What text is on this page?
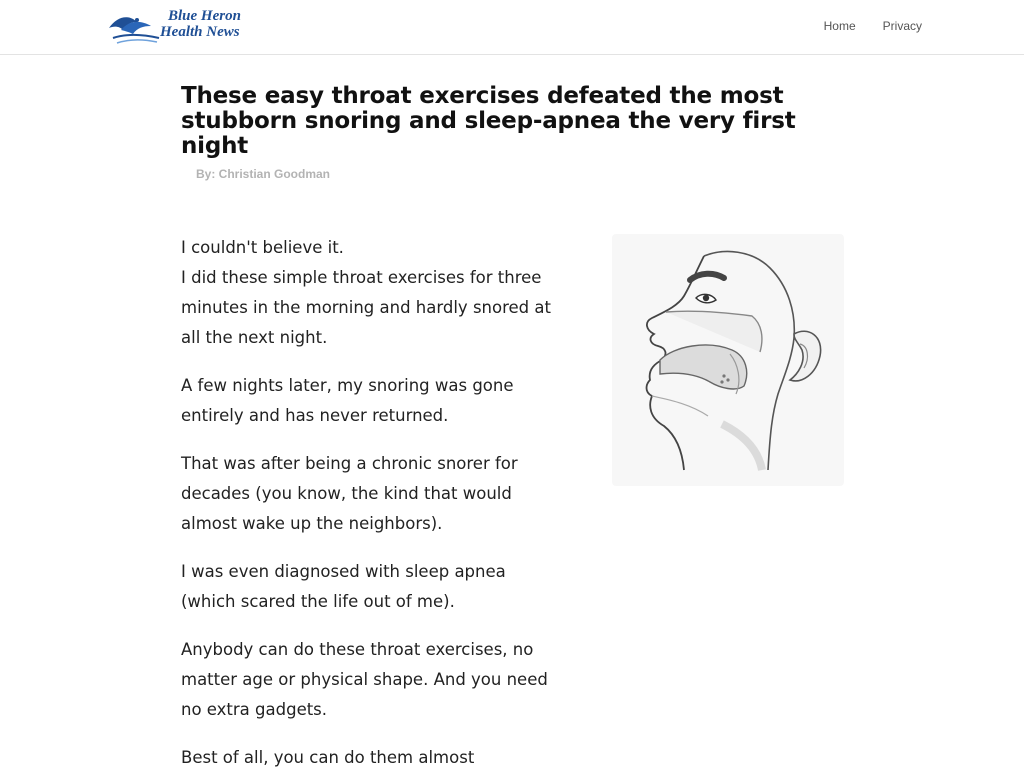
Blue Heron
Health News	Home Privacy
These easy throat exercises defeated the most stubborn snoring and sleep-apnea the very first night
By: Christian Goodman

I couldn't believe it.

I did these simple throat exercises for three minutes in the morning and hardly snored at all the next night.

A few nights later, my snoring was gone entirely and has never returned.

That was after being a chronic snorer for decades (you know, the kind that would almost wake up the neighbors).

I was even diagnosed with sleep apnea (which scared the life out of me).

Anybody can do these throat exercises, no matter age or physical shape. And you need no extra gadgets.

Best of all, you can do them almost
